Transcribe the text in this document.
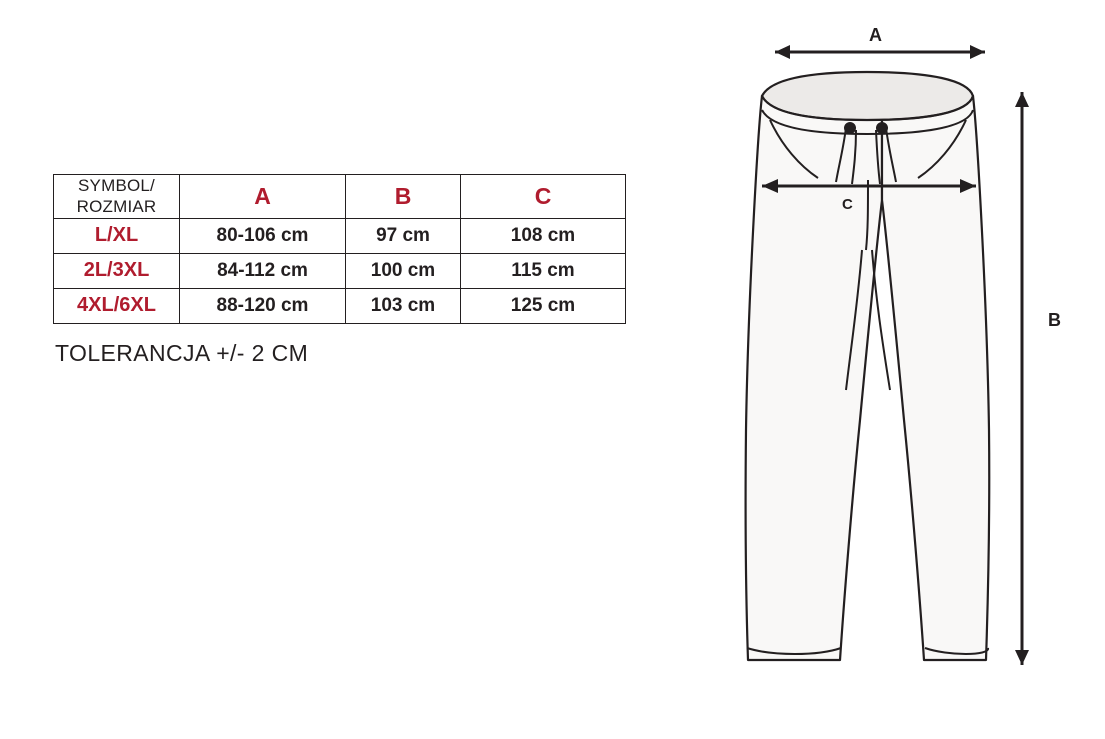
SYMBOL/
ROZMIAR	A	B	C
L/XL	80-106 cm	97 cm	108 cm
2L/3XL	84-112 cm	100 cm	115 cm
4XL/6XL	88-120 cm	103 cm	125 cm
TOLERANCJA +/- 2 CM
A
B
C
